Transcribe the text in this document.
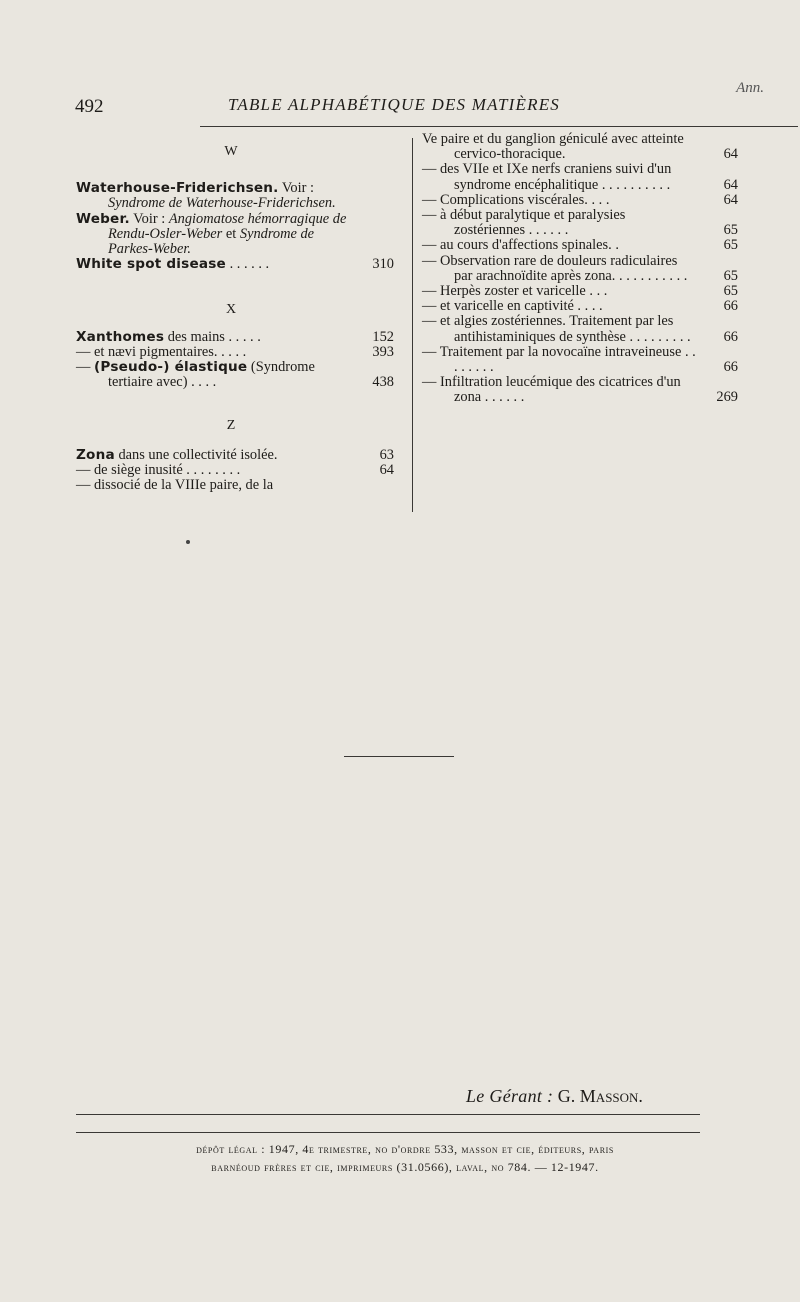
Ann.
492	TABLE ALPHABÉTIQUE DES MATIÈRES
W
Waterhouse-Friderichsen. Voir : Syndrome de Waterhouse-Friderichsen.
Weber. Voir : Angiomatose hémorragique de Rendu-Osler-Weber et Syndrome de Parkes-Weber.
White spot disease . . . . . .	310
X
Xanthomes des mains . . . . .	152
— et nævi pigmentaires. . . . .	393
— (Pseudo-) élastique (Syndrome tertiaire avec) . . . .	438
Z
Zona dans une collectivité isolée.	63
— de siège inusité . . . . . . . .	64
— dissocié de la VIIIe paire, de la
Ve paire et du ganglion géniculé avec atteinte cervico-thoracique.	64
— des VIIe et IXe nerfs craniens suivi d'un syndrome encéphalitique . . . . . . . . . .	64
— Complications viscérales. . . .	64
— à début paralytique et paralysies zostériennes . . . . . .	65
— au cours d'affections spinales. .	65
— Observation rare de douleurs radiculaires par arachnoïdite après zona. . . . . . . . . . .	65
— Herpès zoster et varicelle . . .	65
— et varicelle en captivité . . . .	66
— et algies zostériennes. Traitement par les antihistaminiques de synthèse . . . . . . . . . 66
— Traitement par la novocaïne intraveineuse . . . . . . . .	66
— Infiltration leucémique des cicatrices d'un zona . . . . . .	269
Le Gérant : G. Masson.
dépôt légal : 1947, 4e trimestre, no d'ordre 533, masson et cie, éditeurs, paris
barnéoud frères et cie, imprimeurs (31.0566), laval, no 784. — 12-1947.
